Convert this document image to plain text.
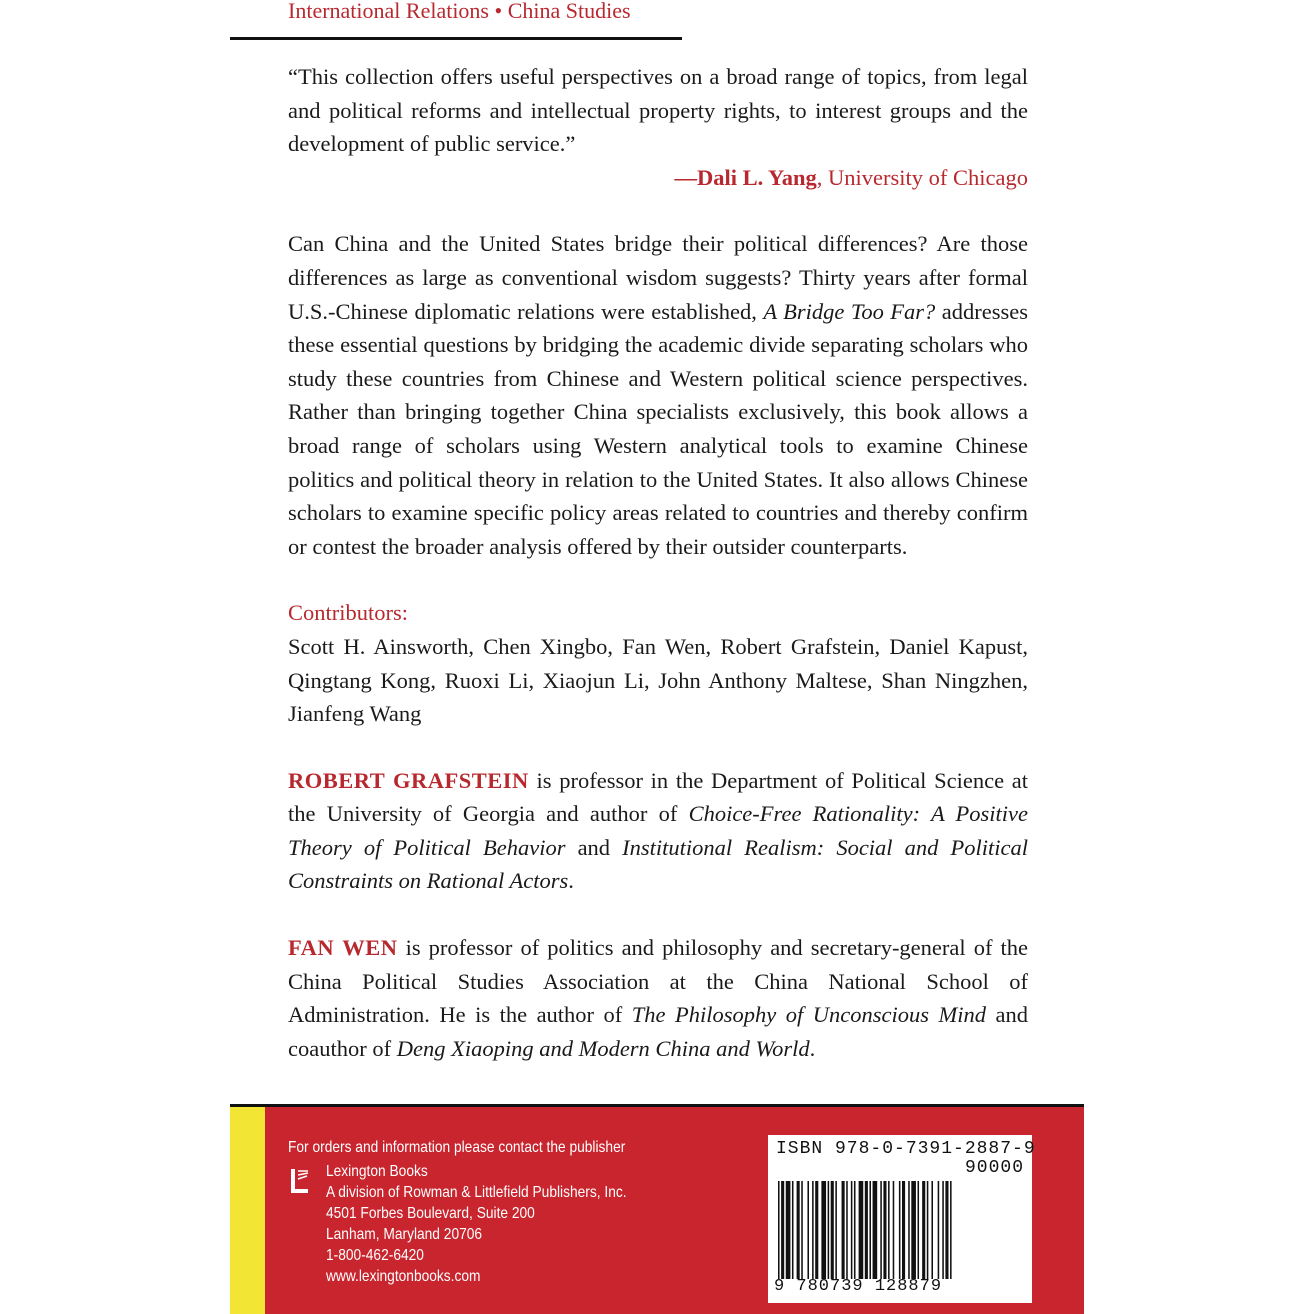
International Relations • China Studies

“This collection offers useful perspectives on a broad range of topics, from legal and political reforms and intellectual property rights, to interest groups and the development of public service.”

—Dali L. Yang, University of Chicago

Can China and the United States bridge their political differences? Are those differences as large as conventional wisdom suggests? Thirty years after formal U.S.-Chinese diplomatic relations were established, A Bridge Too Far? addresses these essential questions by bridging the academic divide separating scholars who study these countries from Chinese and Western political science perspectives. Rather than bringing together China specialists exclusively, this book allows a broad range of scholars using Western analytical tools to examine Chinese politics and political theory in relation to the United States. It also allows Chinese scholars to examine specific policy areas related to countries and thereby confirm or contest the broader analysis offered by their outsider counterparts.

Contributors:

Scott H. Ainsworth, Chen Xingbo, Fan Wen, Robert Grafstein, Daniel Kapust, Qingtang Kong, Ruoxi Li, Xiaojun Li, John Anthony Maltese, Shan Ningzhen, Jianfeng Wang

ROBERT GRAFSTEIN is professor in the Department of Political Science at the University of Georgia and author of Choice-Free Rationality: A Positive Theory of Political Behavior and Institutional Realism: Social and Political Constraints on Rational Actors.

FAN WEN is professor of politics and philosophy and secretary-general of the China Political Studies Association at the China National School of Administration. He is the author of The Philosophy of Unconscious Mind and coauthor of Deng Xiaoping and Modern China and World.

For orders and information please contact the publisher
Lexington Books
A division of Rowman & Littlefield Publishers, Inc.
4501 Forbes Boulevard, Suite 200
Lanham, Maryland 20706
1-800-462-6420
www.lexingtonbooks.com
ISBN 978-0-7391-2887-9
90000
9 780739 128879
